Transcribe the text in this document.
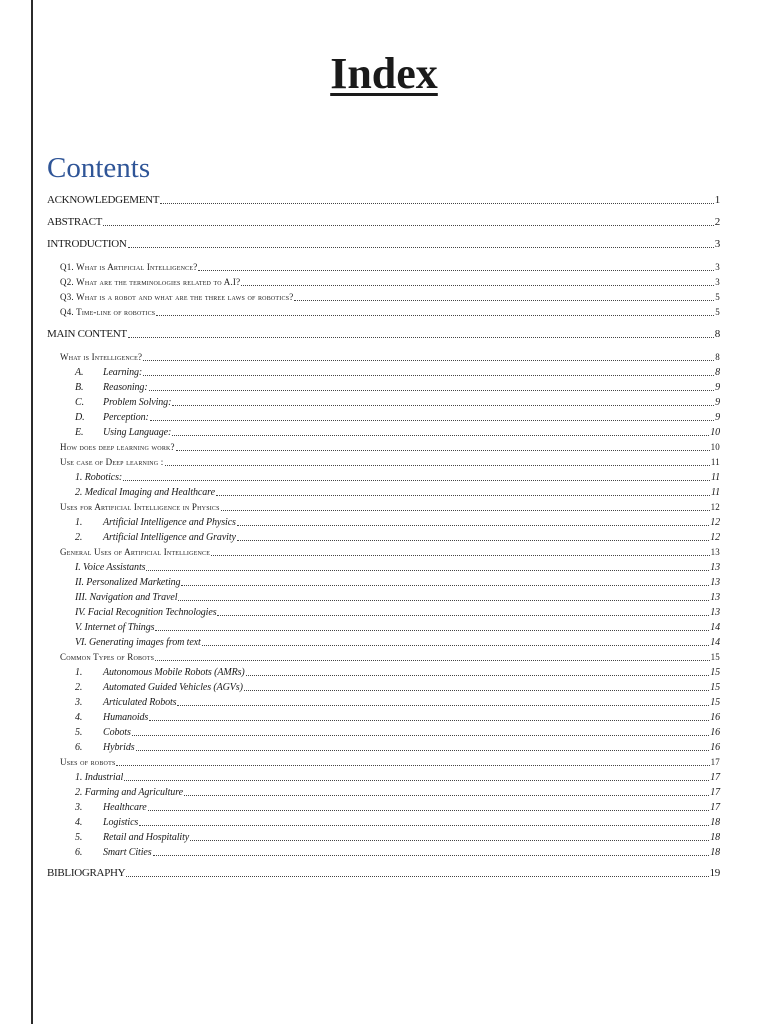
Index
Contents
ACKNOWLEDGEMENT	1
ABSTRACT	2
INTRODUCTION	3
Q1. What is Artificial Intelligence?	3
Q2. What are the terminologies related to A.I?	3
Q3. What is a robot and what are the three laws of robotics?	5
Q4. Time-line of robotics	5
MAIN CONTENT	8
What is Intelligence?	8
A.	Learning:	8
B.	Reasoning:	9
C.	Problem Solving:	9
D.	Perception:	9
E.	Using Language:	10
How does deep learning work?	10
Use case of Deep learning :	11
1. Robotics:	11
2. Medical Imaging and Healthcare	11
Uses for Artificial Intelligence in Physics	12
1.	Artificial Intelligence and Physics	12
2.	Artificial Intelligence and Gravity	12
General Uses of Artificial Intelligence	13
I. Voice Assistants	13
II. Personalized Marketing	13
III. Navigation and Travel	13
IV. Facial Recognition Technologies	13
V. Internet of Things	14
VI. Generating images from text	14
Common Types of Robots	15
1.	Autonomous Mobile Robots (AMRs)	15
2.	Automated Guided Vehicles (AGVs)	15
3.	Articulated Robots	15
4.	Humanoids	16
5.	Cobots	16
6.	Hybrids	16
Uses of robots	17
1. Industrial	17
2. Farming and Agriculture	17
3.	Healthcare	17
4.	Logistics	18
5.	Retail and Hospitality	18
6.	Smart Cities	18
BIBLIOGRAPHY	19
